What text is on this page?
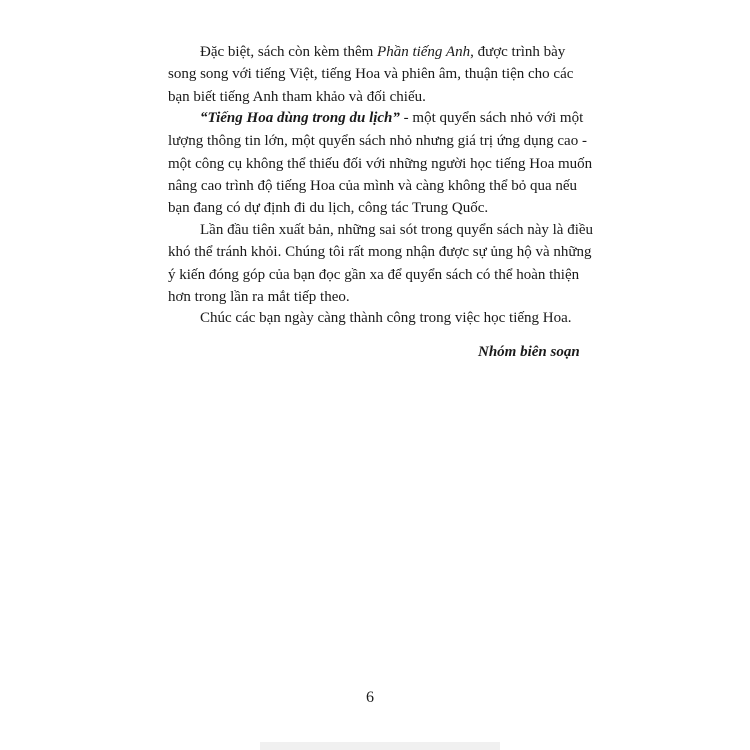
Đặc biệt, sách còn kèm thêm Phần tiếng Anh, được trình bày
song song với tiếng Việt, tiếng Hoa và phiên âm, thuận tiện cho các
bạn biết tiếng Anh tham khảo và đối chiếu.
“Tiếng Hoa dùng trong du lịch” - một quyển sách nhỏ với một
lượng thông tin lớn, một quyển sách nhỏ nhưng giá trị ứng dụng cao -
một công cụ không thể thiếu đối với những người học tiếng Hoa muốn
nâng cao trình độ tiếng Hoa của mình và càng không thể bỏ qua nếu
bạn đang có dự định đi du lịch, công tác Trung Quốc.
Lần đầu tiên xuất bản, những sai sót trong quyển sách này là điều
khó thể tránh khỏi. Chúng tôi rất mong nhận được sự ủng hộ và những
ý kiến đóng góp của bạn đọc gần xa để quyển sách có thể hoàn thiện
hơn trong lần ra mắt tiếp theo.
Chúc các bạn ngày càng thành công trong việc học tiếng Hoa.
Nhóm biên soạn
6
